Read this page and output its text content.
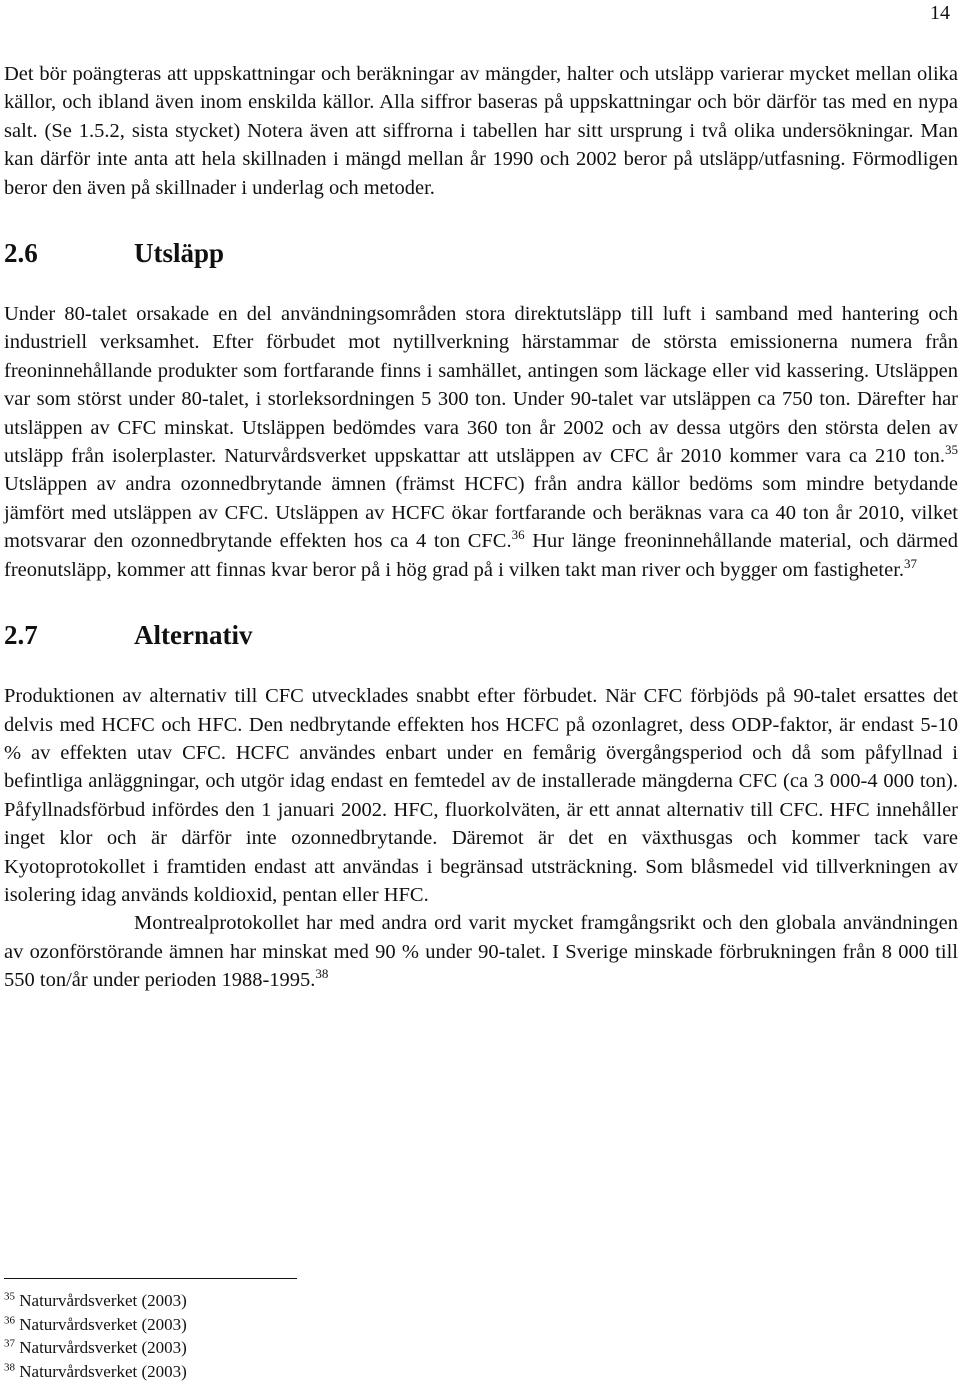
14

Det bör poängteras att uppskattningar och beräkningar av mängder, halter och utsläpp varierar mycket mellan olika källor, och ibland även inom enskilda källor. Alla siffror baseras på uppskattningar och bör därför tas med en nypa salt. (Se 1.5.2, sista stycket) Notera även att siffrorna i tabellen har sitt ursprung i två olika undersökningar. Man kan därför inte anta att hela skillnaden i mängd mellan år 1990 och 2002 beror på utsläpp/utfasning. Förmodligen beror den även på skillnader i underlag och metoder.

2.6	Utsläpp

Under 80-talet orsakade en del användningsområden stora direktutsläpp till luft i samband med hantering och industriell verksamhet. Efter förbudet mot nytillverkning härstammar de största emissionerna numera från freoninnehållande produkter som fortfarande finns i samhället, antingen som läckage eller vid kassering. Utsläppen var som störst under 80-talet, i storleksordningen 5 300 ton. Under 90-talet var utsläppen ca 750 ton. Därefter har utsläppen av CFC minskat. Utsläppen bedömdes vara 360 ton år 2002 och av dessa utgörs den största delen av utsläpp från isolerplaster. Naturvårdsverket uppskattar att utsläppen av CFC år 2010 kommer vara ca 210 ton.$^{35}$ Utsläppen av andra ozonnedbrytande ämnen (främst HCFC) från andra källor bedöms som mindre betydande jämfört med utsläppen av CFC. Utsläppen av HCFC ökar fortfarande och beräknas vara ca 40 ton år 2010, vilket motsvarar den ozonnedbrytande effekten hos ca 4 ton CFC.$^{36}$ Hur länge freoninnehållande material, och därmed freonutsläpp, kommer att finnas kvar beror på i hög grad på i vilken takt man river och bygger om fastigheter.$^{37}$

2.7	Alternativ

Produktionen av alternativ till CFC utvecklades snabbt efter förbudet. När CFC förbjöds på 90-talet ersattes det delvis med HCFC och HFC. Den nedbrytande effekten hos HCFC på ozonlagret, dess ODP-faktor, är endast 5-10 % av effekten utav CFC. HCFC användes enbart under en femårig övergångsperiod och då som påfyllnad i befintliga anläggningar, och utgör idag endast en femtedel av de installerade mängderna CFC (ca 3 000-4 000 ton). Påfyllnadsförbud infördes den 1 januari 2002. HFC, fluorkolväten, är ett annat alternativ till CFC. HFC innehåller inget klor och är därför inte ozonnedbrytande. Däremot är det en växthusgas och kommer tack vare Kyotoprotokollet i framtiden endast att användas i begränsad utsträckning. Som blåsmedel vid tillverkningen av isolering idag används koldioxid, pentan eller HFC.

Montrealprotokollet har med andra ord varit mycket framgångsrikt och den globala användningen av ozonförstörande ämnen har minskat med 90 % under 90-talet. I Sverige minskade förbrukningen från 8 000 till 550 ton/år under perioden 1988-1995.38

$^{35}$ Naturvårdsverket (2003)

$^{36}$ Naturvårdsverket (2003)

$^{37}$ Naturvårdsverket (2003)

$^{38}$ Naturvårdsverket (2003)
